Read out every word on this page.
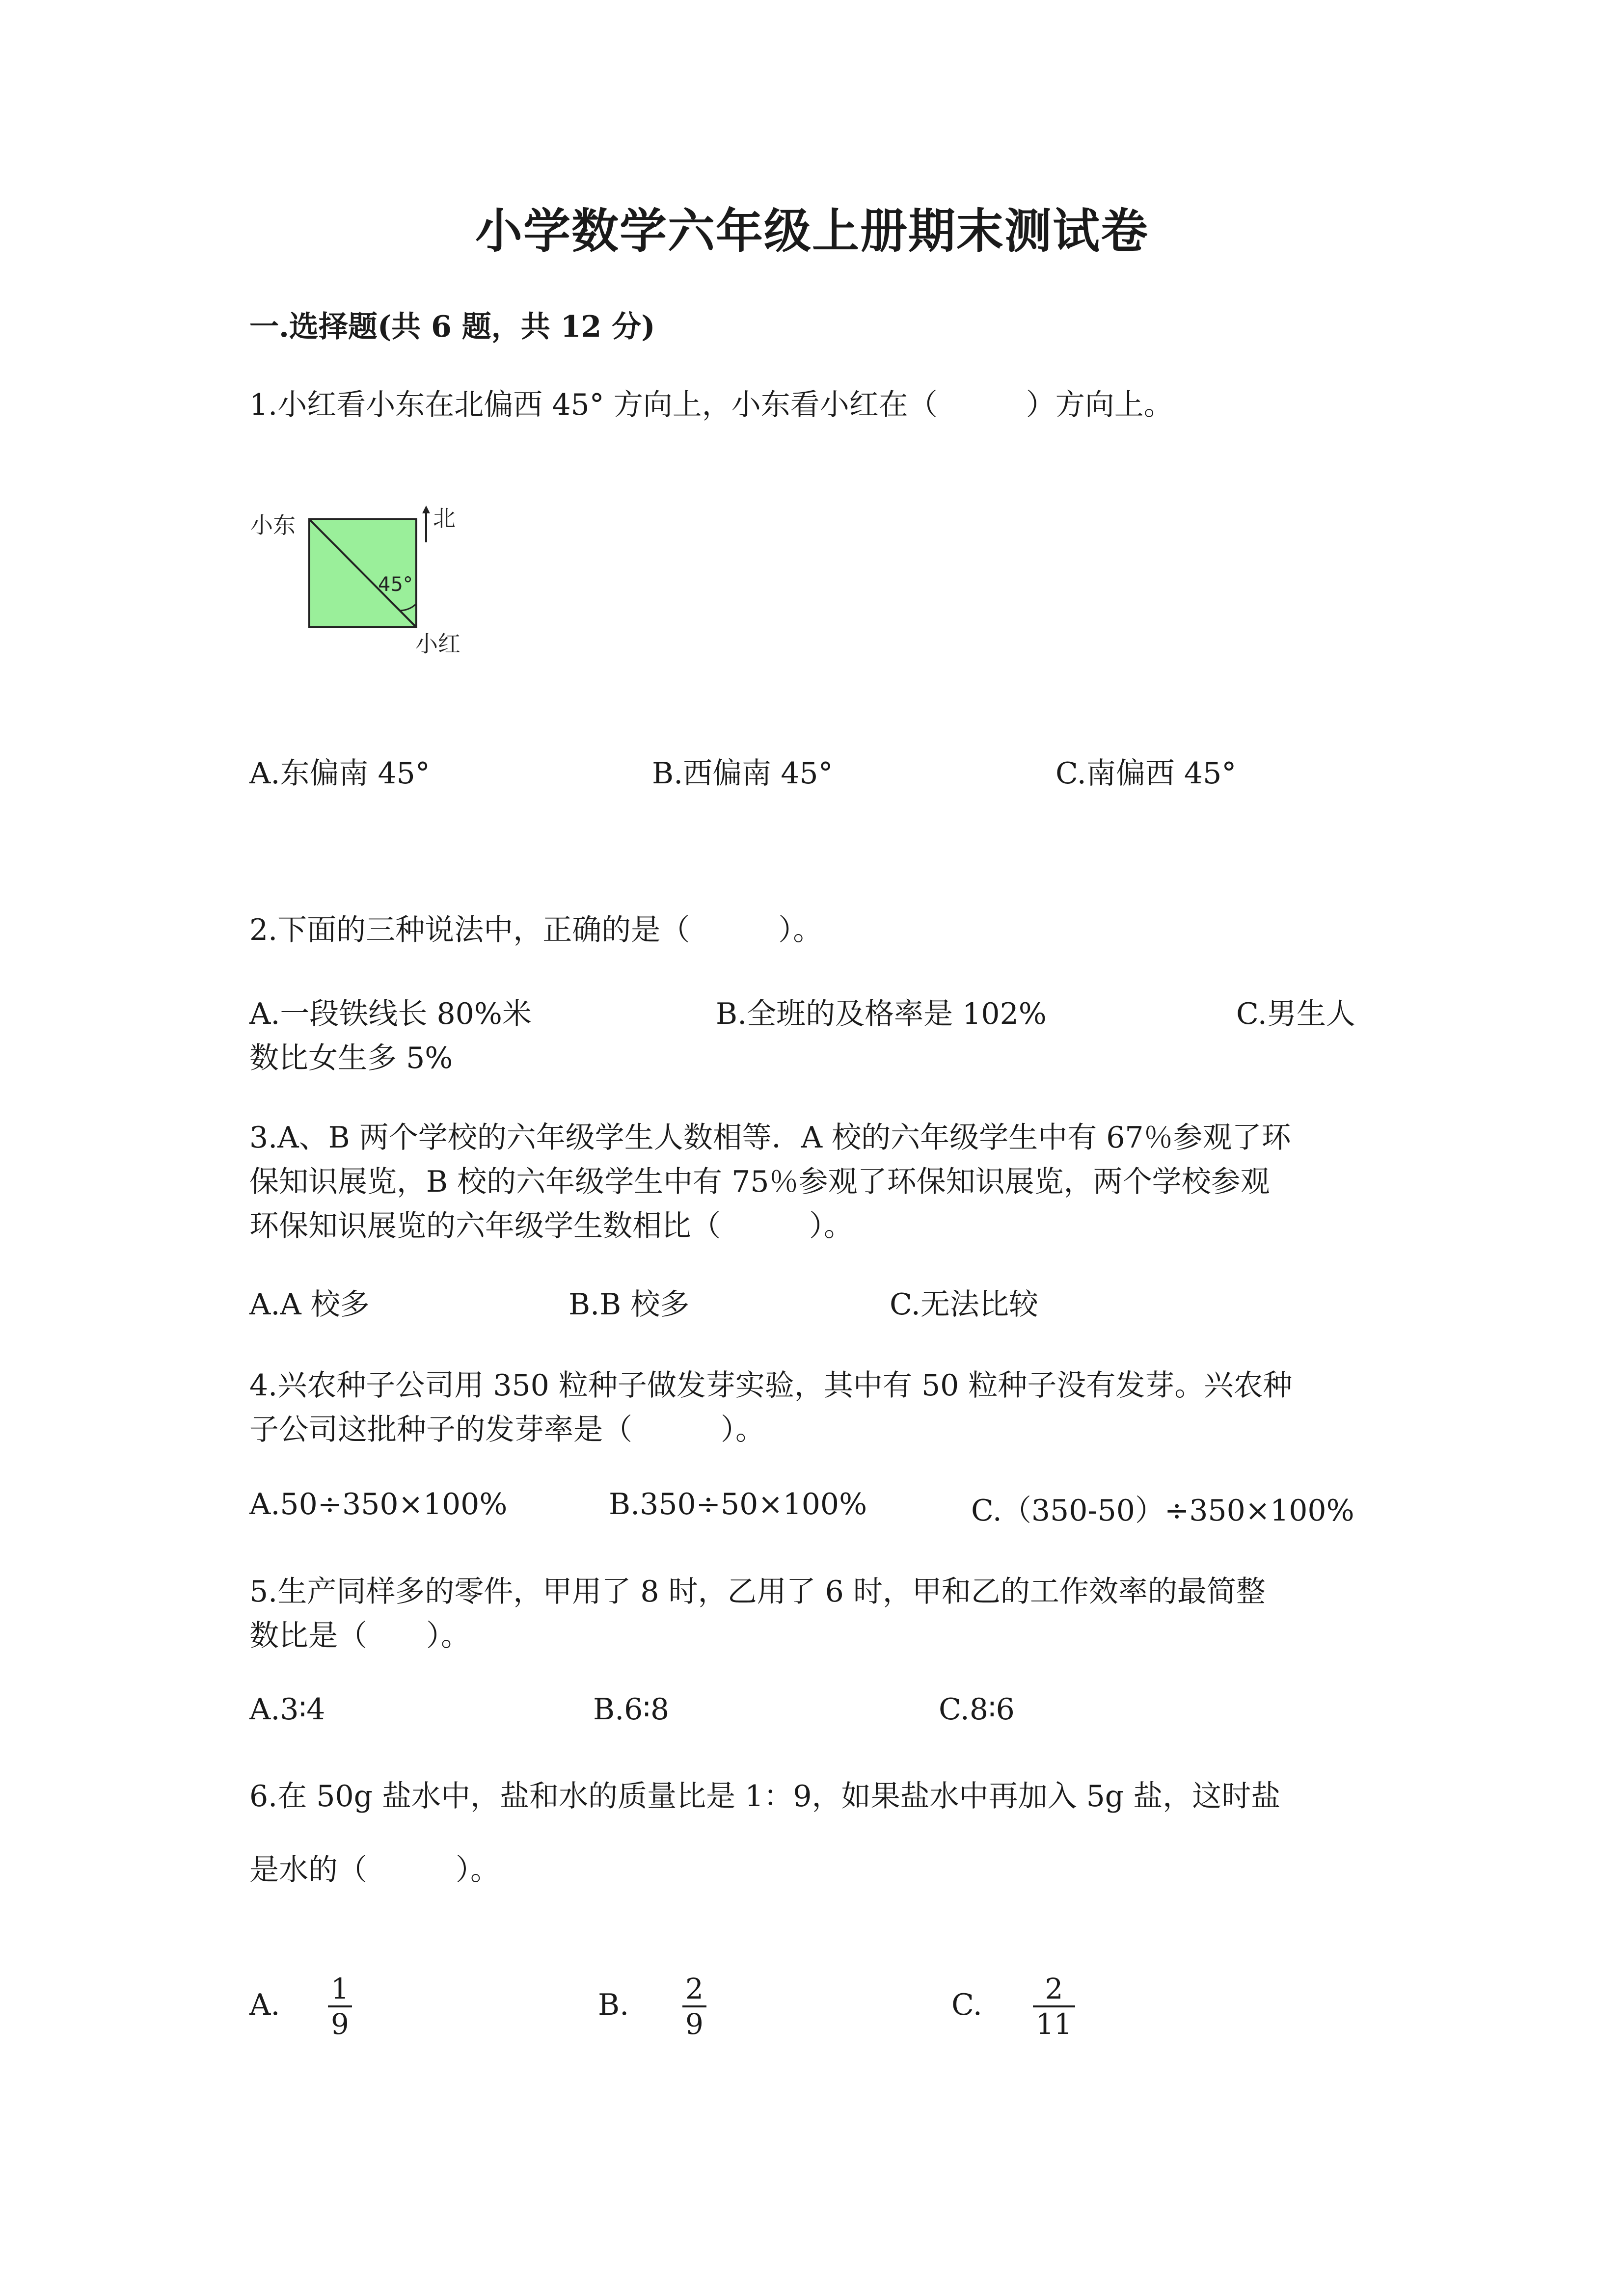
小学数学六年级上册期末测试卷
一.选择题(共 6 题，共 12 分)
1.小红看小东在北偏西 45° 方向上，小东看小红在（　　　）方向上。
小东	北
45°
小红
A.东偏南 45°	B.西偏南 45°	C.南偏西 45°
2.下面的三种说法中，正确的是（　　　）。
A.一段铁线长 80%米	B.全班的及格率是 102%	C.男生人
数比女生多 5%
3.A、B 两个学校的六年级学生人数相等．A 校的六年级学生中有 67％参观了环
保知识展览，B 校的六年级学生中有 75％参观了环保知识展览，两个学校参观
环保知识展览的六年级学生数相比（　　　）。
A.A 校多	B.B 校多	C.无法比较
4.兴农种子公司用 350 粒种子做发芽实验，其中有 50 粒种子没有发芽。兴农种
子公司这批种子的发芽率是（　　　）。
A.50÷350×100%	B.350÷50×100%	C.（350-50）÷350×100%
5.生产同样多的零件，甲用了 8 时，乙用了 6 时，甲和乙的工作效率的最简整
数比是（　　）。
A.3∶4	B.6∶8	C.8∶6
6.在 50g 盐水中，盐和水的质量比是 1：9，如果盐水中再加入 5g 盐，这时盐
是水的（　　　）。
A. 1
9
B. 2
9
C. 2
11
